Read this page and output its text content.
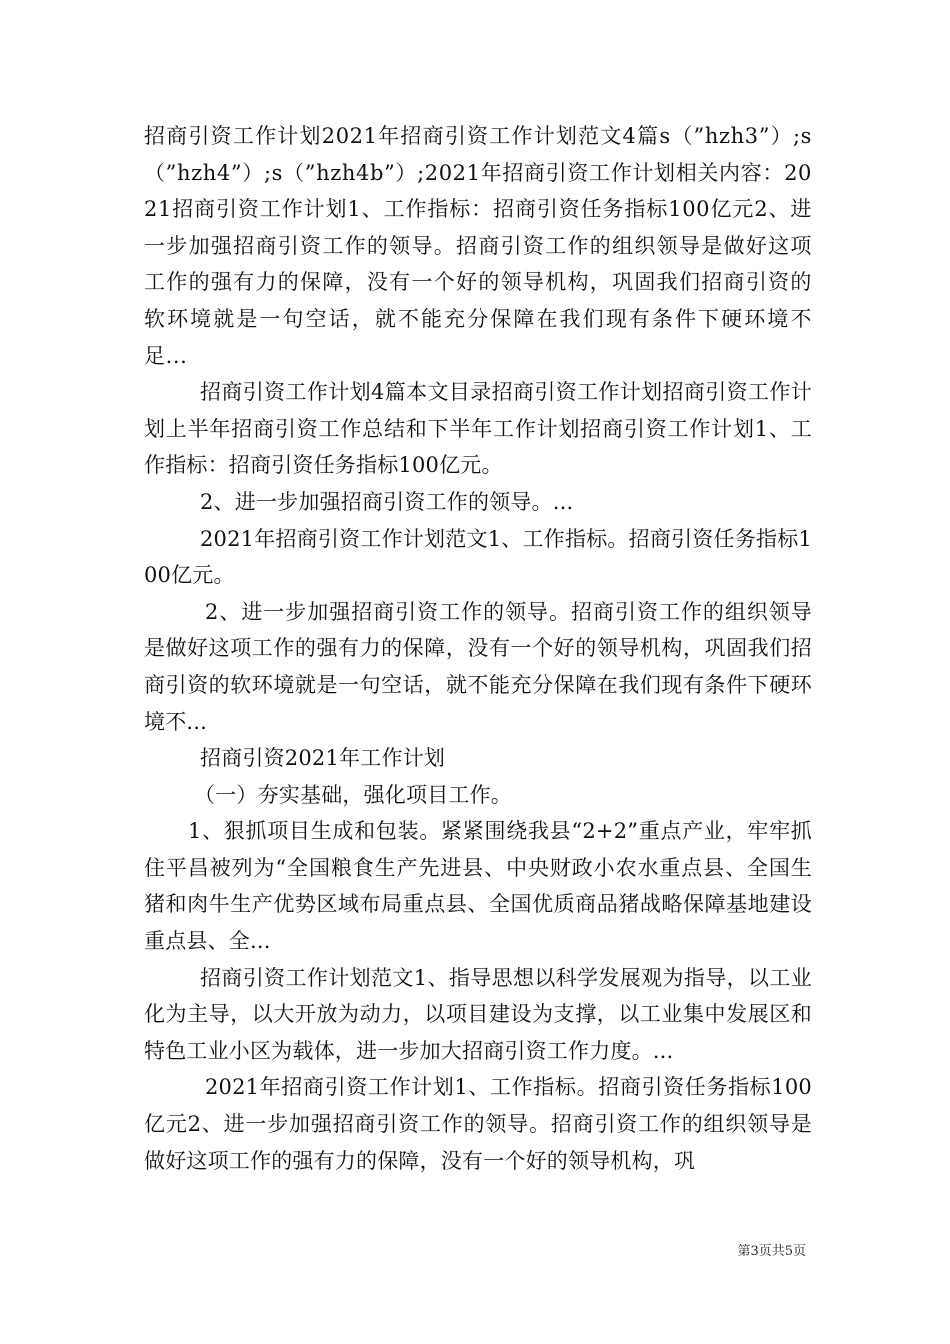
招商引资工作计划2021年招商引资工作计划范文4篇s（”hzh3”）;s（”hzh4”）;s（”hzh4b”）;2021年招商引资工作计划相关内容：2021招商引资工作计划1、工作指标：招商引资任务指标100亿元2、进一步加强招商引资工作的领导。招商引资工作的组织领导是做好这项工作的强有力的保障，没有一个好的领导机构，巩固我们招商引资的软环境就是一句空话，就不能充分保障在我们现有条件下硬环境不足...

招商引资工作计划4篇本文目录招商引资工作计划招商引资工作计划上半年招商引资工作总结和下半年工作计划招商引资工作计划1、工作指标：招商引资任务指标100亿元。

2、进一步加强招商引资工作的领导。...

2021年招商引资工作计划范文1、工作指标。招商引资任务指标100亿元。

2、进一步加强招商引资工作的领导。招商引资工作的组织领导是做好这项工作的强有力的保障，没有一个好的领导机构，巩固我们招商引资的软环境就是一句空话，就不能充分保障在我们现有条件下硬环境不...

招商引资2021年工作计划

（一）夯实基础，强化项目工作。

1、狠抓项目生成和包装。紧紧围绕我县“2+2”重点产业，牢牢抓住平昌被列为“全国粮食生产先进县、中央财政小农水重点县、全国生猪和肉牛生产优势区域布局重点县、全国优质商品猪战略保障基地建设重点县、全...

招商引资工作计划范文1、指导思想以科学发展观为指导，以工业化为主导，以大开放为动力，以项目建设为支撑，以工业集中发展区和特色工业小区为载体，进一步加大招商引资工作力度。...

2021年招商引资工作计划1、工作指标。招商引资任务指标100亿元2、进一步加强招商引资工作的领导。招商引资工作的组织领导是做好这项工作的强有力的保障，没有一个好的领导机构，巩

第3页共5页
